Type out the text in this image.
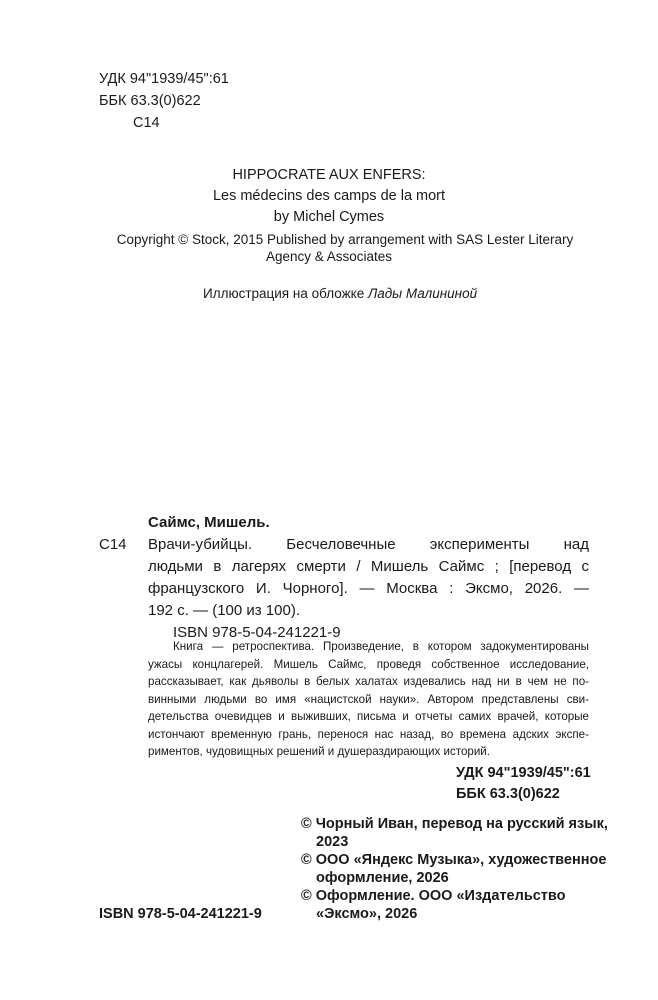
УДК 94"1939/45":61
ББК 63.3(0)622
С14
HIPPOCRATE AUX ENFERS:
Les médecins des camps de la mort
by Michel Cymes
Copyright © Stock, 2015 Published by arrangement with SAS Lester Literary
Agency & Associates
Иллюстрация на обложке Лады Малининой
Саймс, Мишель.
С14 Врачи-убийцы. Бесчеловечные эксперименты над
людьми в лагерях смерти / Мишель Саймс ; [перевод с
французского И. Чорного]. — Москва : Эксмо, 2026. —
192 с. — (100 из 100).
ISBN 978-5-04-241221-9
Книга — ретроспектива. Произведение, в котором задокументированы
ужасы концлагерей. Мишель Саймс, проведя собственное исследование,
рассказывает, как дьяволы в белых халатах издевались над ни в чем не по-
винными людьми во имя «нацистской науки». Автором представлены сви-
детельства очевидцев и выживших, письма и отчеты самих врачей, которые
истончают временную грань, перенося нас назад, во времена адских экспе-
риментов, чудовищных решений и душераздирающих историй.
УДК 94"1939/45":61
ББК 63.3(0)622
© Чорный Иван, перевод на русский язык,
2023
© ООО «Яндекс Музыка», художественное
оформление, 2026
© Оформление. ООО «Издательство
«Эксмо», 2026
ISBN 978-5-04-241221-9
